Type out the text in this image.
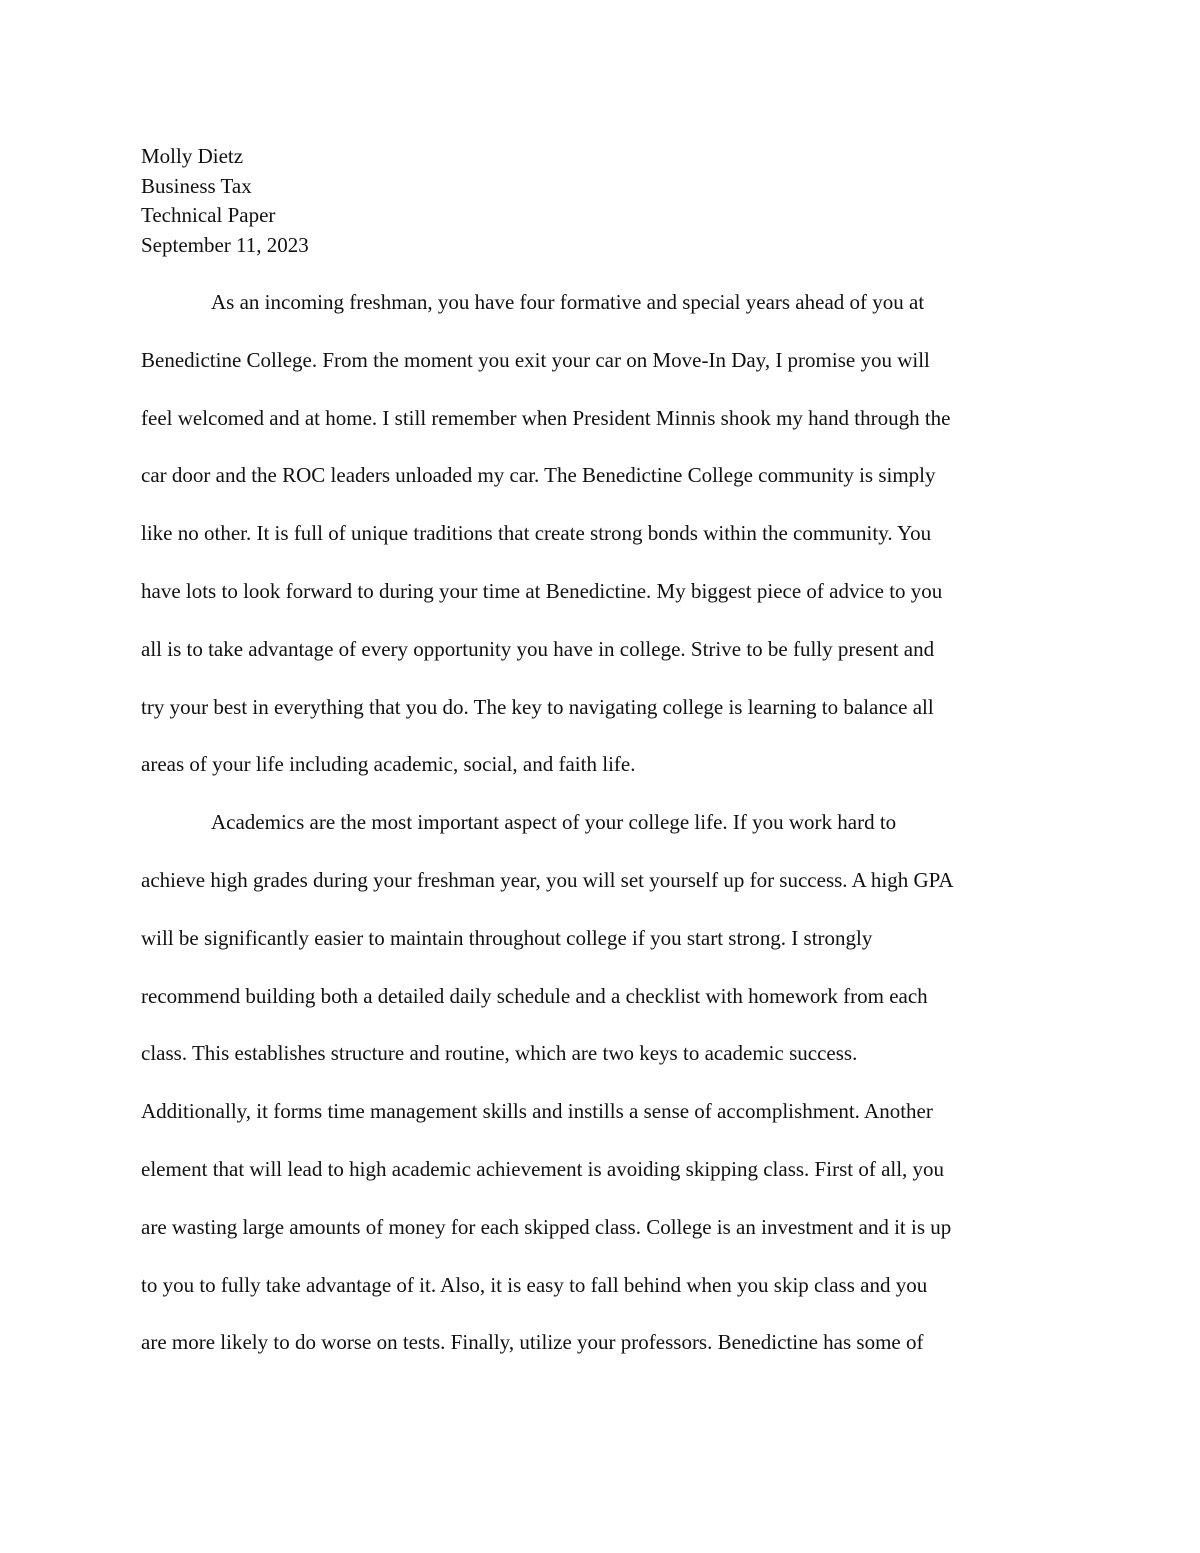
Molly Dietz
Business Tax
Technical Paper
September 11, 2023
As an incoming freshman, you have four formative and special years ahead of you at
Benedictine College. From the moment you exit your car on Move-In Day, I promise you will
feel welcomed and at home. I still remember when President Minnis shook my hand through the
car door and the ROC leaders unloaded my car. The Benedictine College community is simply
like no other. It is full of unique traditions that create strong bonds within the community. You
have lots to look forward to during your time at Benedictine. My biggest piece of advice to you
all is to take advantage of every opportunity you have in college. Strive to be fully present and
try your best in everything that you do. The key to navigating college is learning to balance all
areas of your life including academic, social, and faith life.
Academics are the most important aspect of your college life. If you work hard to
achieve high grades during your freshman year, you will set yourself up for success. A high GPA
will be significantly easier to maintain throughout college if you start strong. I strongly
recommend building both a detailed daily schedule and a checklist with homework from each
class. This establishes structure and routine, which are two keys to academic success.
Additionally, it forms time management skills and instills a sense of accomplishment. Another
element that will lead to high academic achievement is avoiding skipping class. First of all, you
are wasting large amounts of money for each skipped class. College is an investment and it is up
to you to fully take advantage of it. Also, it is easy to fall behind when you skip class and you
are more likely to do worse on tests. Finally, utilize your professors. Benedictine has some of
